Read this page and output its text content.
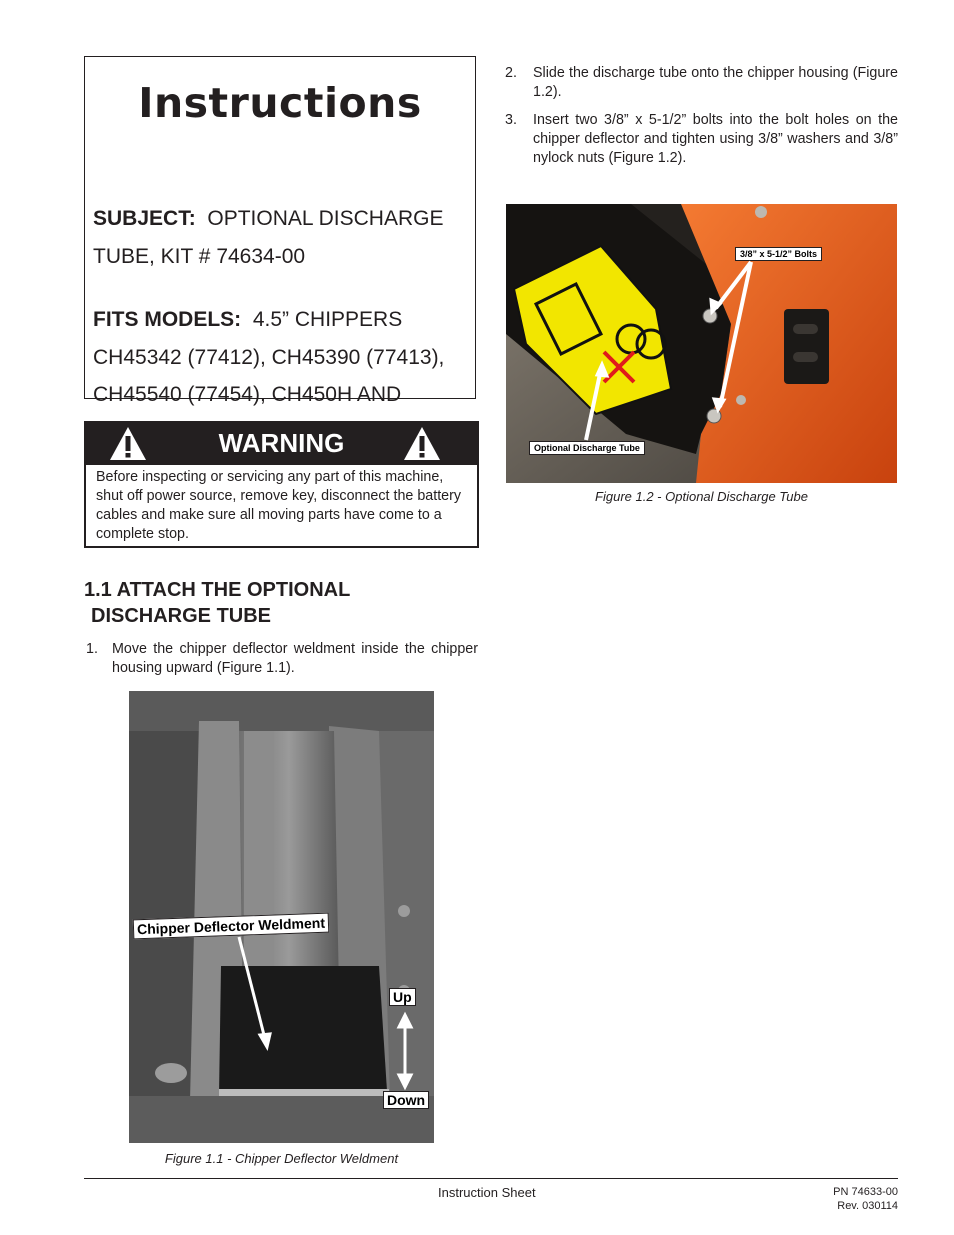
Instructions
SUBJECT: OPTIONAL DISCHARGE TUBE, KIT # 74634-00
FITS MODELS: 4.5” CHIPPERS CH45342 (77412), CH45390 (77413), CH45540 (77454), CH450H AND
WARNING
Before inspecting or servicing any part of this machine, shut off power source, remove key, disconnect the battery cables and make sure all moving parts have come to a complete stop.
1.1 ATTACH THE OPTIONAL
DISCHARGE TUBE
1. Move the chipper deflector weldment inside the chipper housing upward (Figure 1.1).
2. Slide the discharge tube onto the chipper housing (Figure 1.2).
3. Insert two 3/8” x 5-1/2” bolts into the bolt holes on the chipper deflector and tighten using 3/8” washers and 3/8” nylock nuts (Figure 1.2).
3/8” x 5-1/2” Bolts
Optional Discharge Tube
Figure 1.2 - Optional Discharge Tube
Chipper Deflector Weldment
Up
Down
Figure 1.1 - Chipper Deflector Weldment
Instruction Sheet	PN 74633-00
Rev. 030114
